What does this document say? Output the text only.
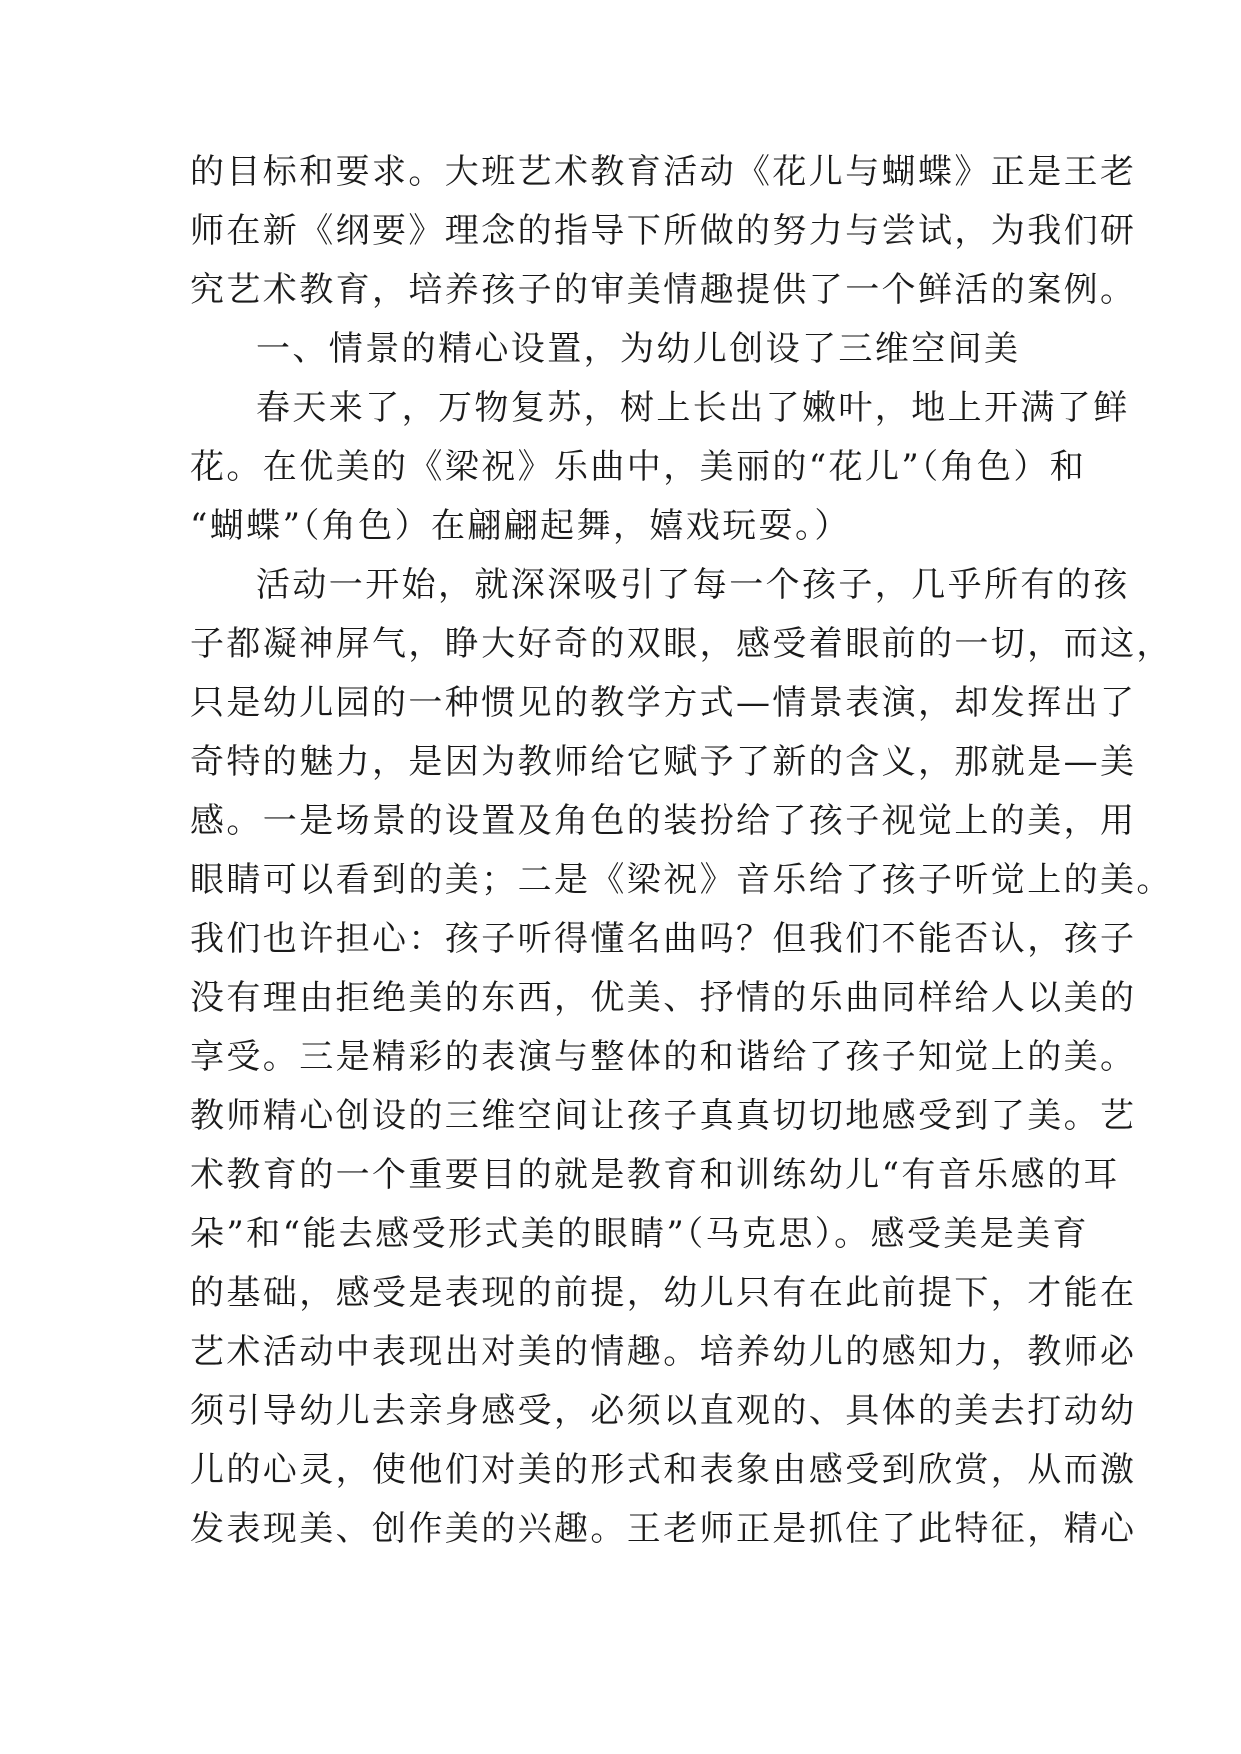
的目标和要求。大班艺术教育活动《花儿与蝴蝶》正是王老
师在新《纲要》理念的指导下所做的努力与尝试，为我们研
究艺术教育，培养孩子的审美情趣提供了一个鲜活的案例。
一、情景的精心设置，为幼儿创设了三维空间美
春天来了，万物复苏，树上长出了嫩叶，地上开满了鲜
花。在优美的《梁祝》乐曲中，美丽的“花儿”（角色）和
“蝴蝶”（角色）在翩翩起舞，嬉戏玩耍。）
活动一开始，就深深吸引了每一个孩子，几乎所有的孩
子都凝神屏气，睁大好奇的双眼，感受着眼前的一切，而这，
只是幼儿园的一种惯见的教学方式—情景表演，却发挥出了
奇特的魅力，是因为教师给它赋予了新的含义，那就是—美
感。一是场景的设置及角色的装扮给了孩子视觉上的美，用
眼睛可以看到的美；二是《梁祝》音乐给了孩子听觉上的美。
我们也许担心：孩子听得懂名曲吗？但我们不能否认，孩子
没有理由拒绝美的东西，优美、抒情的乐曲同样给人以美的
享受。三是精彩的表演与整体的和谐给了孩子知觉上的美。
教师精心创设的三维空间让孩子真真切切地感受到了美。艺
术教育的一个重要目的就是教育和训练幼儿“有音乐感的耳
朵”和“能去感受形式美的眼睛”（马克思）。感受美是美育
的基础，感受是表现的前提，幼儿只有在此前提下，才能在
艺术活动中表现出对美的情趣。培养幼儿的感知力，教师必
须引导幼儿去亲身感受，必须以直观的、具体的美去打动幼
儿的心灵，使他们对美的形式和表象由感受到欣赏，从而激
发表现美、创作美的兴趣。王老师正是抓住了此特征，精心
